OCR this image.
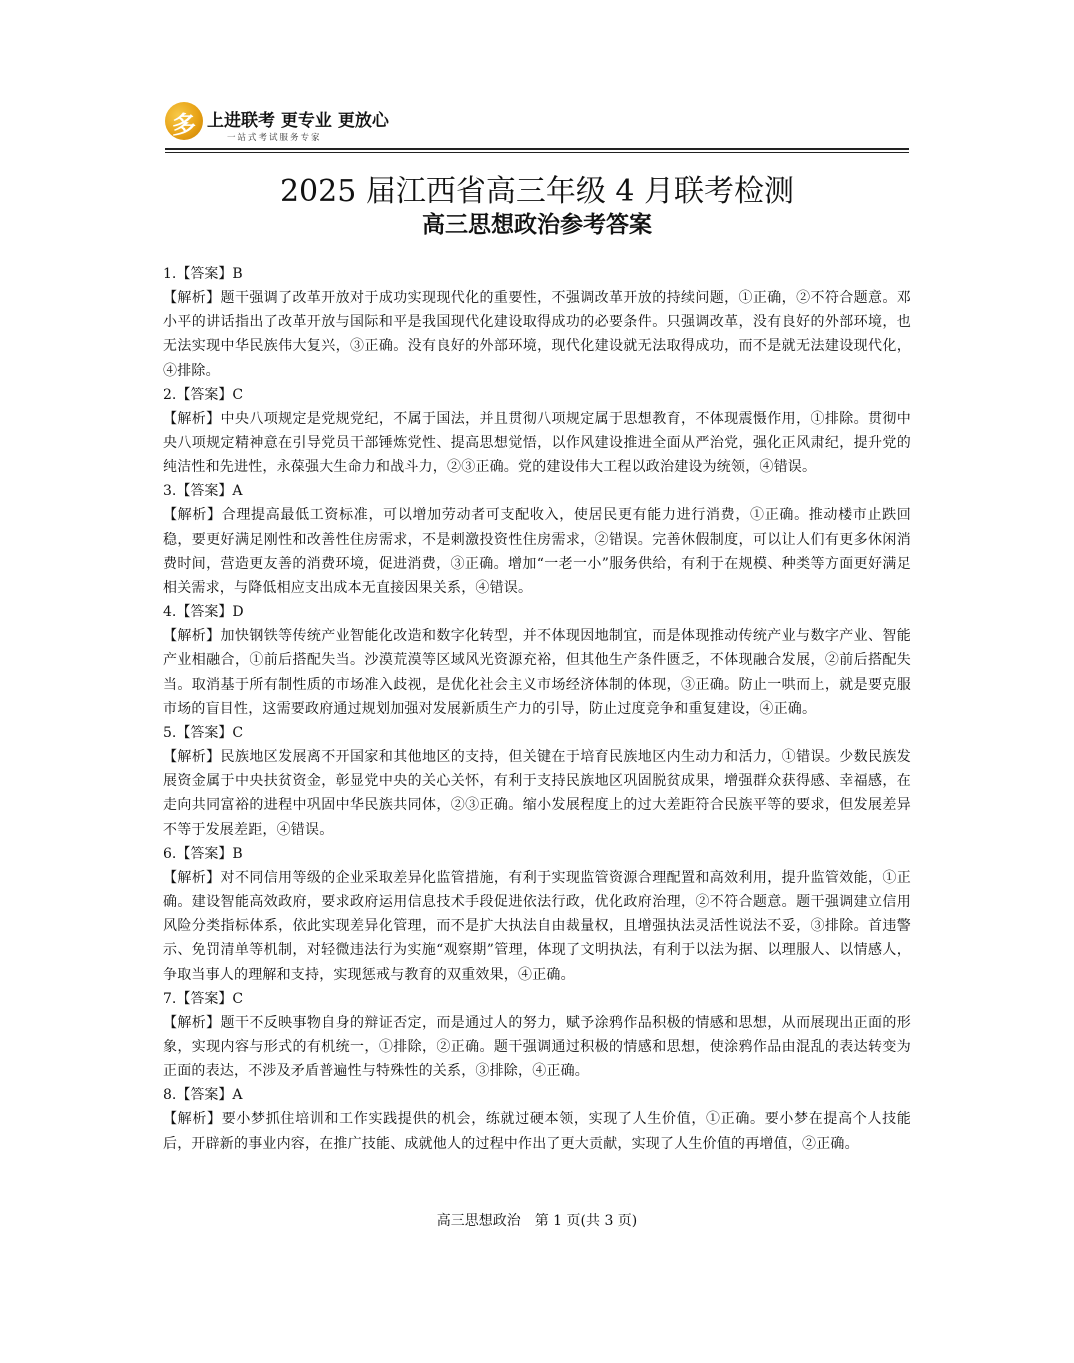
多 上进联考 更专业 更放心
一站式考试服务专家
2025 届江西省高三年级 4 月联考检测
高三思想政治参考答案

1.【答案】B

【解析】题干强调了改革开放对于成功实现现代化的重要性，不强调改革开放的持续问题，①正确，②不符合题意。邓小平的讲话指出了改革开放与国际和平是我国现代化建设取得成功的必要条件。只强调改革，没有良好的外部环境，也无法实现中华民族伟大复兴，③正确。没有良好的外部环境，现代化建设就无法取得成功，而不是就无法建设现代化，④排除。

2.【答案】C

【解析】中央八项规定是党规党纪，不属于国法，并且贯彻八项规定属于思想教育，不体现震慑作用，①排除。贯彻中央八项规定精神意在引导党员干部锤炼党性、提高思想觉悟，以作风建设推进全面从严治党，强化正风肃纪，提升党的纯洁性和先进性，永葆强大生命力和战斗力，②③正确。党的建设伟大工程以政治建设为统领，④错误。

3.【答案】A

【解析】合理提高最低工资标准，可以增加劳动者可支配收入，使居民更有能力进行消费，①正确。推动楼市止跌回稳，要更好满足刚性和改善性住房需求，不是刺激投资性住房需求，②错误。完善休假制度，可以让人们有更多休闲消费时间，营造更友善的消费环境，促进消费，③正确。增加“一老一小”服务供给，有利于在规模、种类等方面更好满足相关需求，与降低相应支出成本无直接因果关系，④错误。

4.【答案】D

【解析】加快钢铁等传统产业智能化改造和数字化转型，并不体现因地制宜，而是体现推动传统产业与数字产业、智能产业相融合，①前后搭配失当。沙漠荒漠等区域风光资源充裕，但其他生产条件匮乏，不体现融合发展，②前后搭配失当。取消基于所有制性质的市场准入歧视，是优化社会主义市场经济体制的体现，③正确。防止一哄而上，就是要克服市场的盲目性，这需要政府通过规划加强对发展新质生产力的引导，防止过度竞争和重复建设，④正确。

5.【答案】C

【解析】民族地区发展离不开国家和其他地区的支持，但关键在于培育民族地区内生动力和活力，①错误。少数民族发展资金属于中央扶贫资金，彰显党中央的关心关怀，有利于支持民族地区巩固脱贫成果，增强群众获得感、幸福感，在走向共同富裕的进程中巩固中华民族共同体，②③正确。缩小发展程度上的过大差距符合民族平等的要求，但发展差异不等于发展差距，④错误。

6.【答案】B

【解析】对不同信用等级的企业采取差异化监管措施，有利于实现监管资源合理配置和高效利用，提升监管效能，①正确。建设智能高效政府，要求政府运用信息技术手段促进依法行政，优化政府治理，②不符合题意。题干强调建立信用风险分类指标体系，依此实现差异化管理，而不是扩大执法自由裁量权，且增强执法灵活性说法不妥，③排除。首违警示、免罚清单等机制，对轻微违法行为实施“观察期”管理，体现了文明执法，有利于以法为据、以理服人、以情感人，争取当事人的理解和支持，实现惩戒与教育的双重效果，④正确。

7.【答案】C

【解析】题干不反映事物自身的辩证否定，而是通过人的努力，赋予涂鸦作品积极的情感和思想，从而展现出正面的形象，实现内容与形式的有机统一，①排除，②正确。题干强调通过积极的情感和思想，使涂鸦作品由混乱的表达转变为正面的表达，不涉及矛盾普遍性与特殊性的关系，③排除，④正确。

8.【答案】A

【解析】要小梦抓住培训和工作实践提供的机会，练就过硬本领，实现了人生价值，①正确。要小梦在提高个人技能后，开辟新的事业内容，在推广技能、成就他人的过程中作出了更大贡献，实现了人生价值的再增值，②正确。

高三思想政治　第 1 页(共 3 页)
